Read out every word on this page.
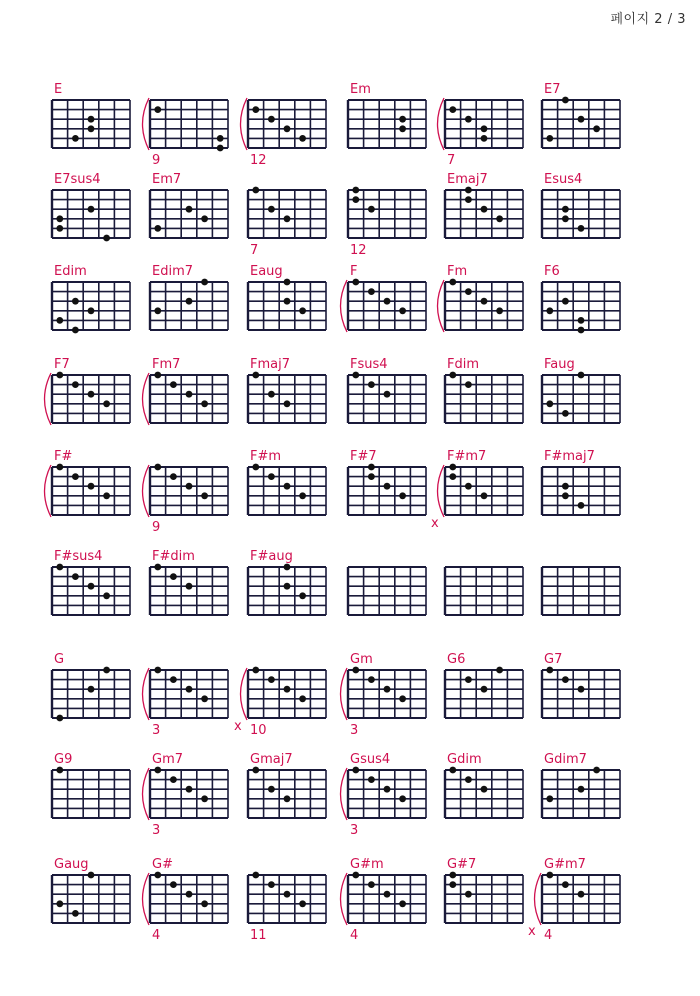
페이지 2 / 3
E
9	12
Em
7
E7
E7sus4	Em7
7	12
Emaj7	Esus4
Edim	Edim7	Eaug	F	Fm	F6
F7	Fm7	Fmaj7	Fsus4	Fdim	Faug
F#
9
F#m	F#7	F#m7
x
F#maj7
F#sus4	F#dim	F#aug
G
3	10
x
Gm
3
G6	G7
G9	Gm7
3
Gmaj7	Gsus4
3
Gdim	Gdim7
Gaug	G#
4	11
G#m
4
G#7	G#m7
4
x
